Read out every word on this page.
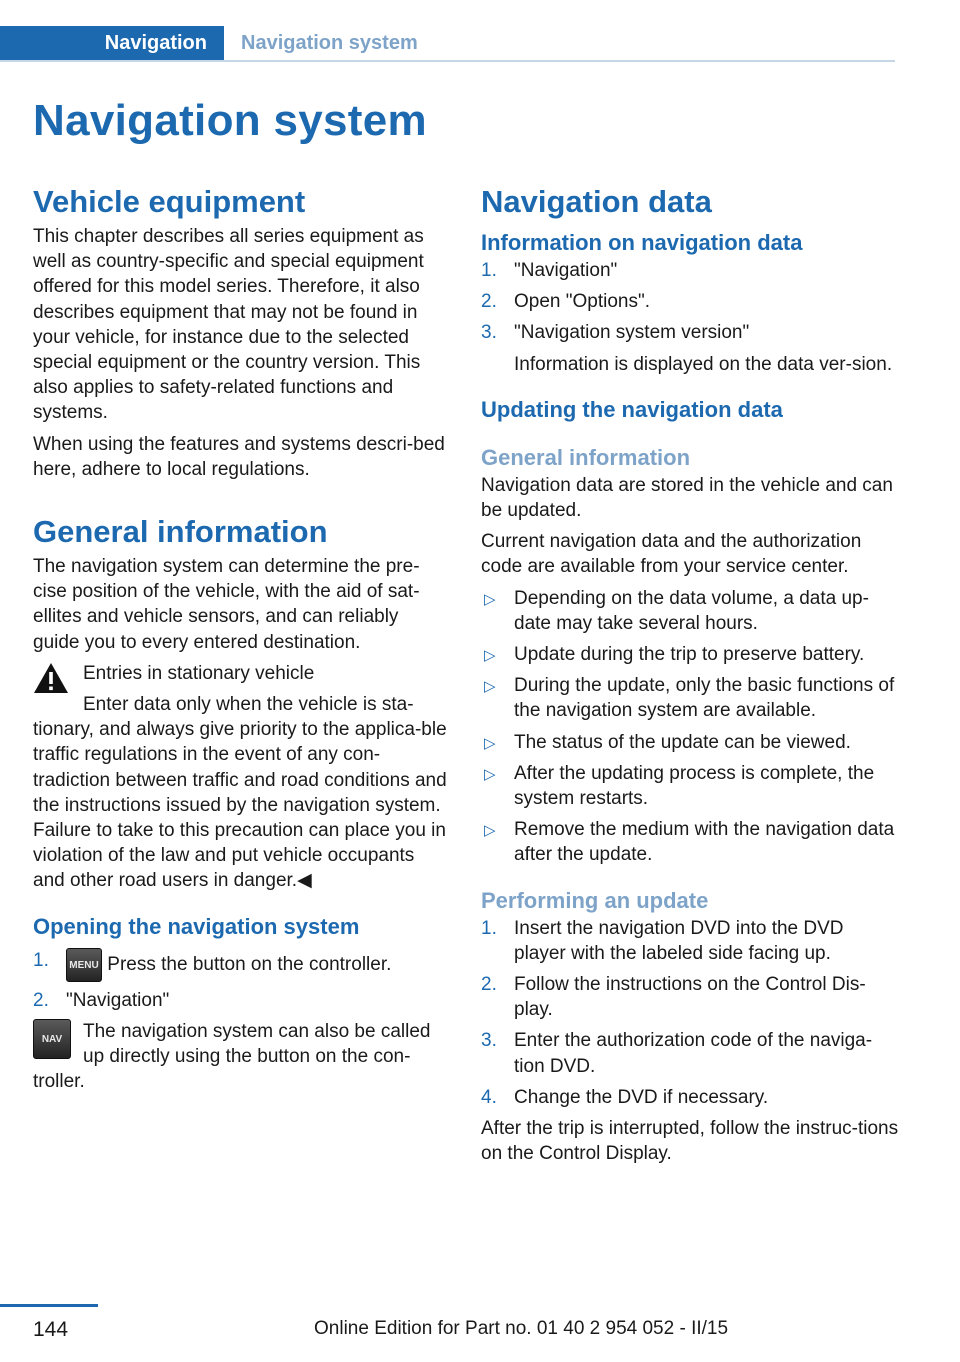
Navigation	Navigation system
Navigation system
Vehicle equipment

This chapter describes all series equipment as well as country-specific and special equipment offered for this model series. Therefore, it also describes equipment that may not be found in your vehicle, for instance due to the selected special equipment or the country version. This also applies to safety-related functions and systems.

When using the features and systems descri-bed here, adhere to local regulations.

General information

The navigation system can determine the pre-cise position of the vehicle, with the aid of sat-ellites and vehicle sensors, and can reliably guide you to every entered destination.

Entries in stationary vehicle

Enter data only when the vehicle is sta-

tionary, and always give priority to the applica-ble traffic regulations in the event of any con-tradiction between traffic and road conditions and the instructions issued by the navigation system. Failure to take to this precaution can place you in violation of the law and put vehicle occupants and other road users in danger.◀

Opening the navigation system
1. MENU Press the button on the controller.
2. "Navigation"
NAV	The navigation system can also be called up directly using the button on the con-

troller.

Navigation data
Information on navigation data
1. "Navigation"
2. Open "Options".
3. "Navigation system version"

Information is displayed on the data ver-sion.

Updating the navigation data
General information

Navigation data are stored in the vehicle and can be updated.

Current navigation data and the authorization code are available from your service center.

▷ Depending on the data volume, a data up-date may take several hours.
▷ Update during the trip to preserve battery.
▷ During the update, only the basic functions of the navigation system are available.
▷ The status of the update can be viewed.
▷ After the updating process is complete, the system restarts.
▷ Remove the medium with the navigation data after the update.
Performing an update
1. Insert the navigation DVD into the DVD player with the labeled side facing up.
2. Follow the instructions on the Control Dis-play.
3. Enter the authorization code of the naviga-tion DVD.
4. Change the DVD if necessary.

After the trip is interrupted, follow the instruc-tions on the Control Display.

144	Online Edition for Part no. 01 40 2 954 052 - II/15
